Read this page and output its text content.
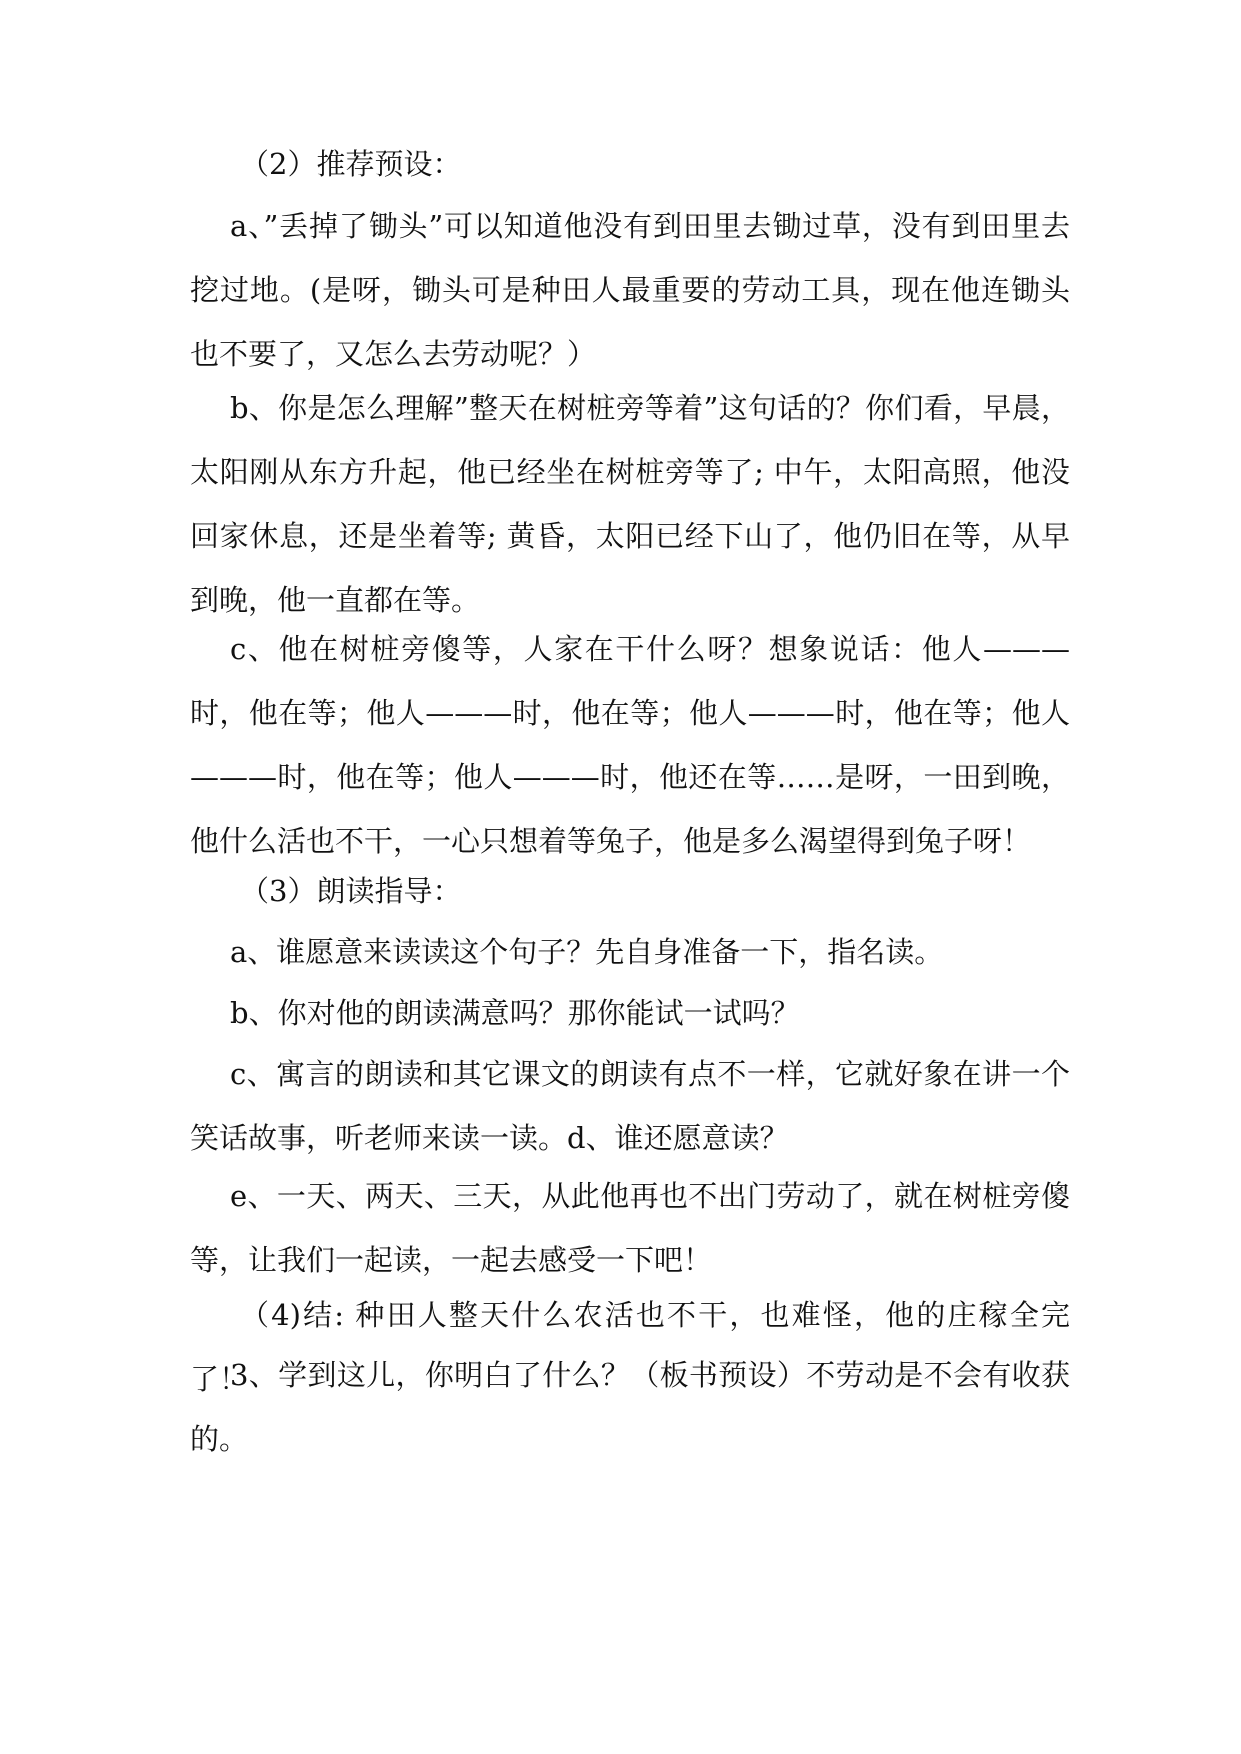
（2）推荐预设：

a、”丢掉了锄头”可以知道他没有到田里去锄过草，没有到田里去挖过地。(是呀，锄头可是种田人最重要的劳动工具，现在他连锄头也不要了，又怎么去劳动呢？）

b、你是怎么理解”整天在树桩旁等着”这句话的？你们看，早晨，太阳刚从东方升起，他已经坐在树桩旁等了; 中午，太阳高照，他没回家休息，还是坐着等; 黄昏，太阳已经下山了，他仍旧在等，从早到晚，他一直都在等。

c、他在树桩旁傻等，人家在干什么呀？想象说话：他人———时，他在等；他人———时，他在等；他人———时，他在等；他人———时，他在等；他人———时，他还在等……是呀，一田到晚，他什么活也不干，一心只想着等兔子，他是多么渴望得到兔子呀！

（3）朗读指导：

a、谁愿意来读读这个句子？先自身准备一下，指名读。

b、你对他的朗读满意吗？那你能试一试吗？

c、寓言的朗读和其它课文的朗读有点不一样，它就好象在讲一个笑话故事，听老师来读一读。d、谁还愿意读？

e、一天、两天、三天，从此他再也不出门劳动了，就在树桩旁傻等，让我们一起读，一起去感受一下吧！

（4)结: 种田人整天什么农活也不干，也难怪，他的庄稼全完了！

3、学到这儿，你明白了什么？（板书预设）不劳动是不会有收获的。
